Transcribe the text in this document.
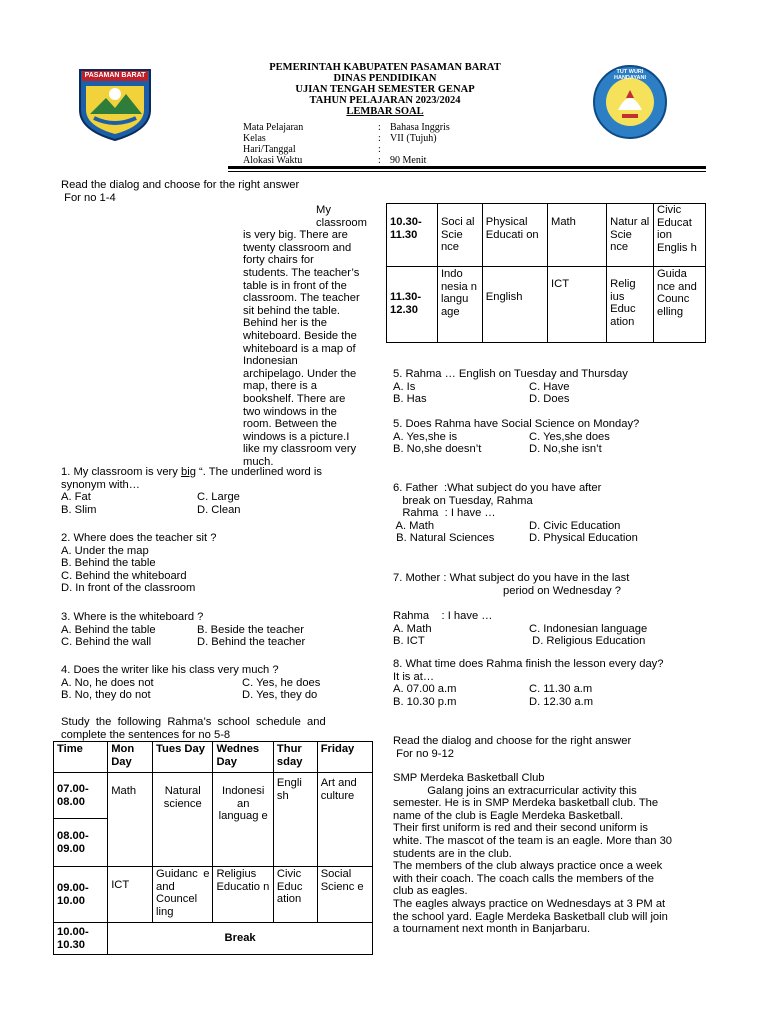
PASAMAN BARAT	TUT WURI HANDAYANI
PEMERINTAH KABUPATEN PASAMAN BARAT
DINAS PENDIDIKAN
UJIAN TENGAH SEMESTER GENAP
TAHUN PELAJARAN 2023/2024
LEMBAR SOAL
Mata Pelajaran	: Bahasa Inggris
Kelas	: VII (Tujuh)
Hari/Tanggal	:
Alokasi Waktu	: 90 Menit
Read the dialog and choose for the right answer
For no 1-4
My classroom
is very big. There are
twenty classroom and
forty chairs for
students. The teacher’s
table is in front of the
classroom. The teacher
sit behind the table.
Behind her is the
whiteboard. Beside the
whiteboard is a map of
Indonesian
archipelago. Under the
map, there is a
bookshelf. There are
two windows in the
room. Between the
windows is a picture.I
like my classroom very
much.
1. My classroom is very big “. The underlined word is
synonym with…
A. Fat	C. Large
B. Slim	D. Clean
2. Where does the teacher sit ?
A. Under the map
B. Behind the table
C. Behind the whiteboard
D. In front of the classroom
3. Where is the whiteboard ?
A. Behind the table	B. Beside the teacher
C. Behind the wall	D. Behind the teacher
4. Does the writer like his class very much ?
A. No, he does not	C. Yes, he does
B. No, they do not	D. Yes, they do
Study  the  following  Rahma’s  school  schedule  and
complete the sentences for no 5-8
Time	Mon Day	Tues Day	Wednes Day	Thur sday	Friday
07.00-08.00	Math	Natural science	Indonesi an languag e	Engli sh	Art and culture
08.00-09.00					
09.00-10.00	ICT	Guidanc e and Councel ling	Religius Educatio n	Civic Educ ation	Social Scienc e
10.00-10.30	Break				
10.30-11.30	Soci al Scie nce	Physical Educati on	Math	Natur al Scie nce	Civic Educat ion Englis h
11.30-12.30	Indo nesia n langu age	English	ICT	Relig ius Educ ation	Guida nce and Counc elling
5. Rahma … English on Tuesday and Thursday
A. Is	C. Have
B. Has	D. Does
5. Does Rahma have Social Science on Monday?
A. Yes,she is	C. Yes,she does
B. No,she doesn’t	D. No,she isn’t
6. Father  :What subject do you have after
break on Tuesday, Rahma
Rahma  : I have …
A. Math	D. Civic Education
B. Natural Sciences	D. Physical Education
7. Mother : What subject do you have in the last
period on Wednesday ?
Rahma    : I have …
A. Math	C. Indonesian language
B. ICT	D. Religious Education
8. What time does Rahma finish the lesson every day?
It is at…
A. 07.00 a.m	C. 11.30 a.m
B. 10.30 p.m	D. 12.30 a.m
Read the dialog and choose for the right answer
For no 9-12
SMP Merdeka Basketball Club
Galang joins an extracurricular activity this
semester. He is in SMP Merdeka basketball club. The
name of the club is Eagle Merdeka Basketball.
Their first uniform is red and their second uniform is
white. The mascot of the team is an eagle. More than 30
students are in the club.
The members of the club always practice once a week
with their coach. The coach calls the members of the
club as eagles.
The eagles always practice on Wednesdays at 3 PM at
the school yard. Eagle Merdeka Basketball club will join
a tournament next month in Banjarbaru.
